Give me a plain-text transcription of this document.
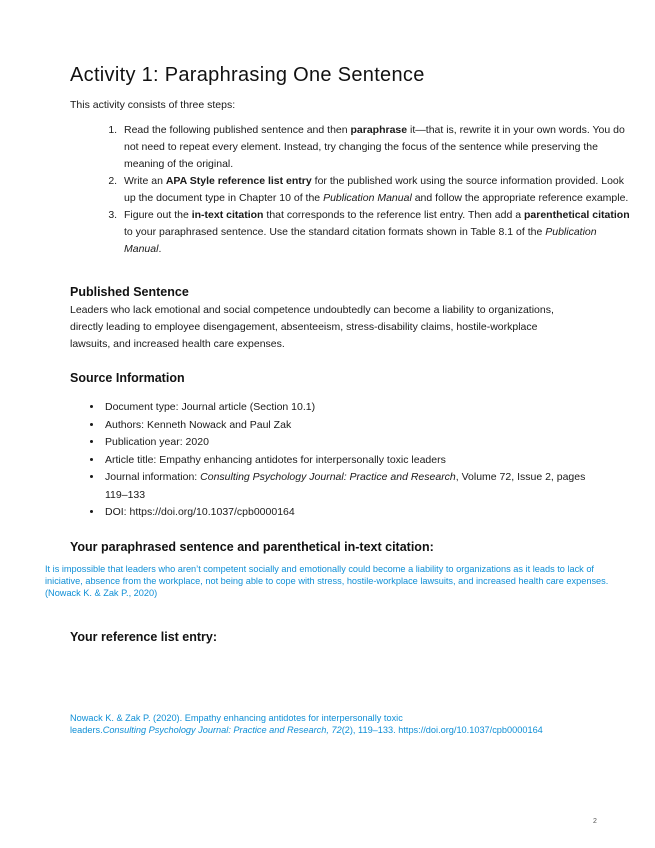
Activity 1: Paraphrasing One Sentence
This activity consists of three steps:
1. Read the following published sentence and then paraphrase it—that is, rewrite it in your own words. You do not need to repeat every element. Instead, try changing the focus of the sentence while preserving the meaning of the original.
2. Write an APA Style reference list entry for the published work using the source information provided. Look up the document type in Chapter 10 of the Publication Manual and follow the appropriate reference example.
3. Figure out the in-text citation that corresponds to the reference list entry. Then add a parenthetical citation to your paraphrased sentence. Use the standard citation formats shown in Table 8.1 of the Publication Manual.
Published Sentence
Leaders who lack emotional and social competence undoubtedly can become a liability to organizations, directly leading to employee disengagement, absenteeism, stress-disability claims, hostile-workplace lawsuits, and increased health care expenses.
Source Information
• Document type: Journal article (Section 10.1)
• Authors: Kenneth Nowack and Paul Zak
• Publication year: 2020
• Article title: Empathy enhancing antidotes for interpersonally toxic leaders
• Journal information: Consulting Psychology Journal: Practice and Research, Volume 72, Issue 2, pages 119–133
• DOI: https://doi.org/10.1037/cpb0000164
Your paraphrased sentence and parenthetical in-text citation:
It is impossible that leaders who aren’t competent socially and emotionally could become a liability to organizations as it leads to lack of iniciative, absence from the workplace, not being able to cope with stress, hostile-workplace lawsuits, and increased health care expenses. (Nowack K. & Zak P., 2020)
Your reference list entry:
Nowack K. & Zak P. (2020). Empathy enhancing antidotes for interpersonally toxic
leaders.Consulting Psychology Journal: Practice and Research, 72(2), 119–133. https://doi.org/10.1037/cpb0000164
2
